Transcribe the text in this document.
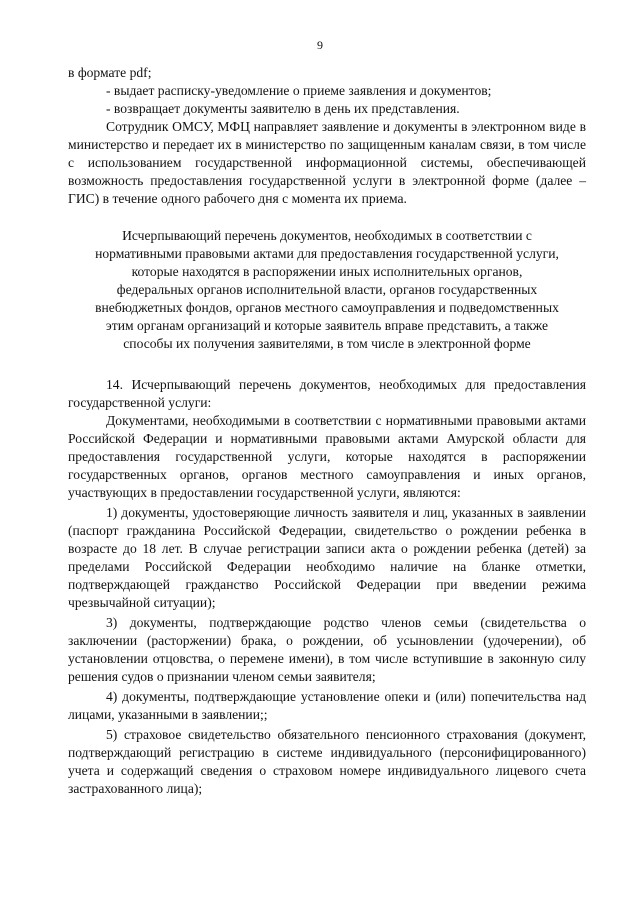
9

в формате pdf;

- выдает расписку-уведомление о приеме заявления и документов;

- возвращает документы заявителю в день их представления.

Сотрудник ОМСУ, МФЦ направляет заявление и документы в электронном виде в министерство и передает их в министерство по защищенным каналам связи, в том числе с использованием государственной информационной системы, обеспечивающей возможность предоставления государственной услуги в электронной форме (далее – ГИС) в течение одного рабочего дня с момента их приема.

Исчерпывающий перечень документов, необходимых в соответствии с нормативными правовыми актами для предоставления государственной услуги, которые находятся в распоряжении иных исполнительных органов, федеральных органов исполнительной власти, органов государственных внебюджетных фондов, органов местного самоуправления и подведомственных этим органам организаций и которые заявитель вправе представить, а также способы их получения заявителями, в том числе в электронной форме

14. Исчерпывающий перечень документов, необходимых для предоставления государственной услуги:

Документами, необходимыми в соответствии с нормативными правовыми актами Российской Федерации и нормативными правовыми актами Амурской области для предоставления государственной услуги, которые находятся в распоряжении государственных органов, органов местного самоуправления и иных органов, участвующих в предоставлении государственной услуги, являются:

1) документы, удостоверяющие личность заявителя и лиц, указанных в заявлении (паспорт гражданина Российской Федерации, свидетельство о рождении ребенка в возрасте до 18 лет. В случае регистрации записи акта о рождении ребенка (детей) за пределами Российской Федерации необходимо наличие на бланке отметки, подтверждающей гражданство Российской Федерации при введении режима чрезвычайной ситуации);

3) документы, подтверждающие родство членов семьи (свидетельства о заключении (расторжении) брака, о рождении, об усыновлении (удочерении), об установлении отцовства, о перемене имени), в том числе вступившие в законную силу решения судов о признании членом семьи заявителя;

4) документы, подтверждающие установление опеки и (или) попечительства над лицами, указанными в заявлении;;

5) страховое свидетельство обязательного пенсионного страхования (документ, подтверждающий регистрацию в системе индивидуального (персонифицированного) учета и содержащий сведения о страховом номере индивидуального лицевого счета застрахованного лица);
